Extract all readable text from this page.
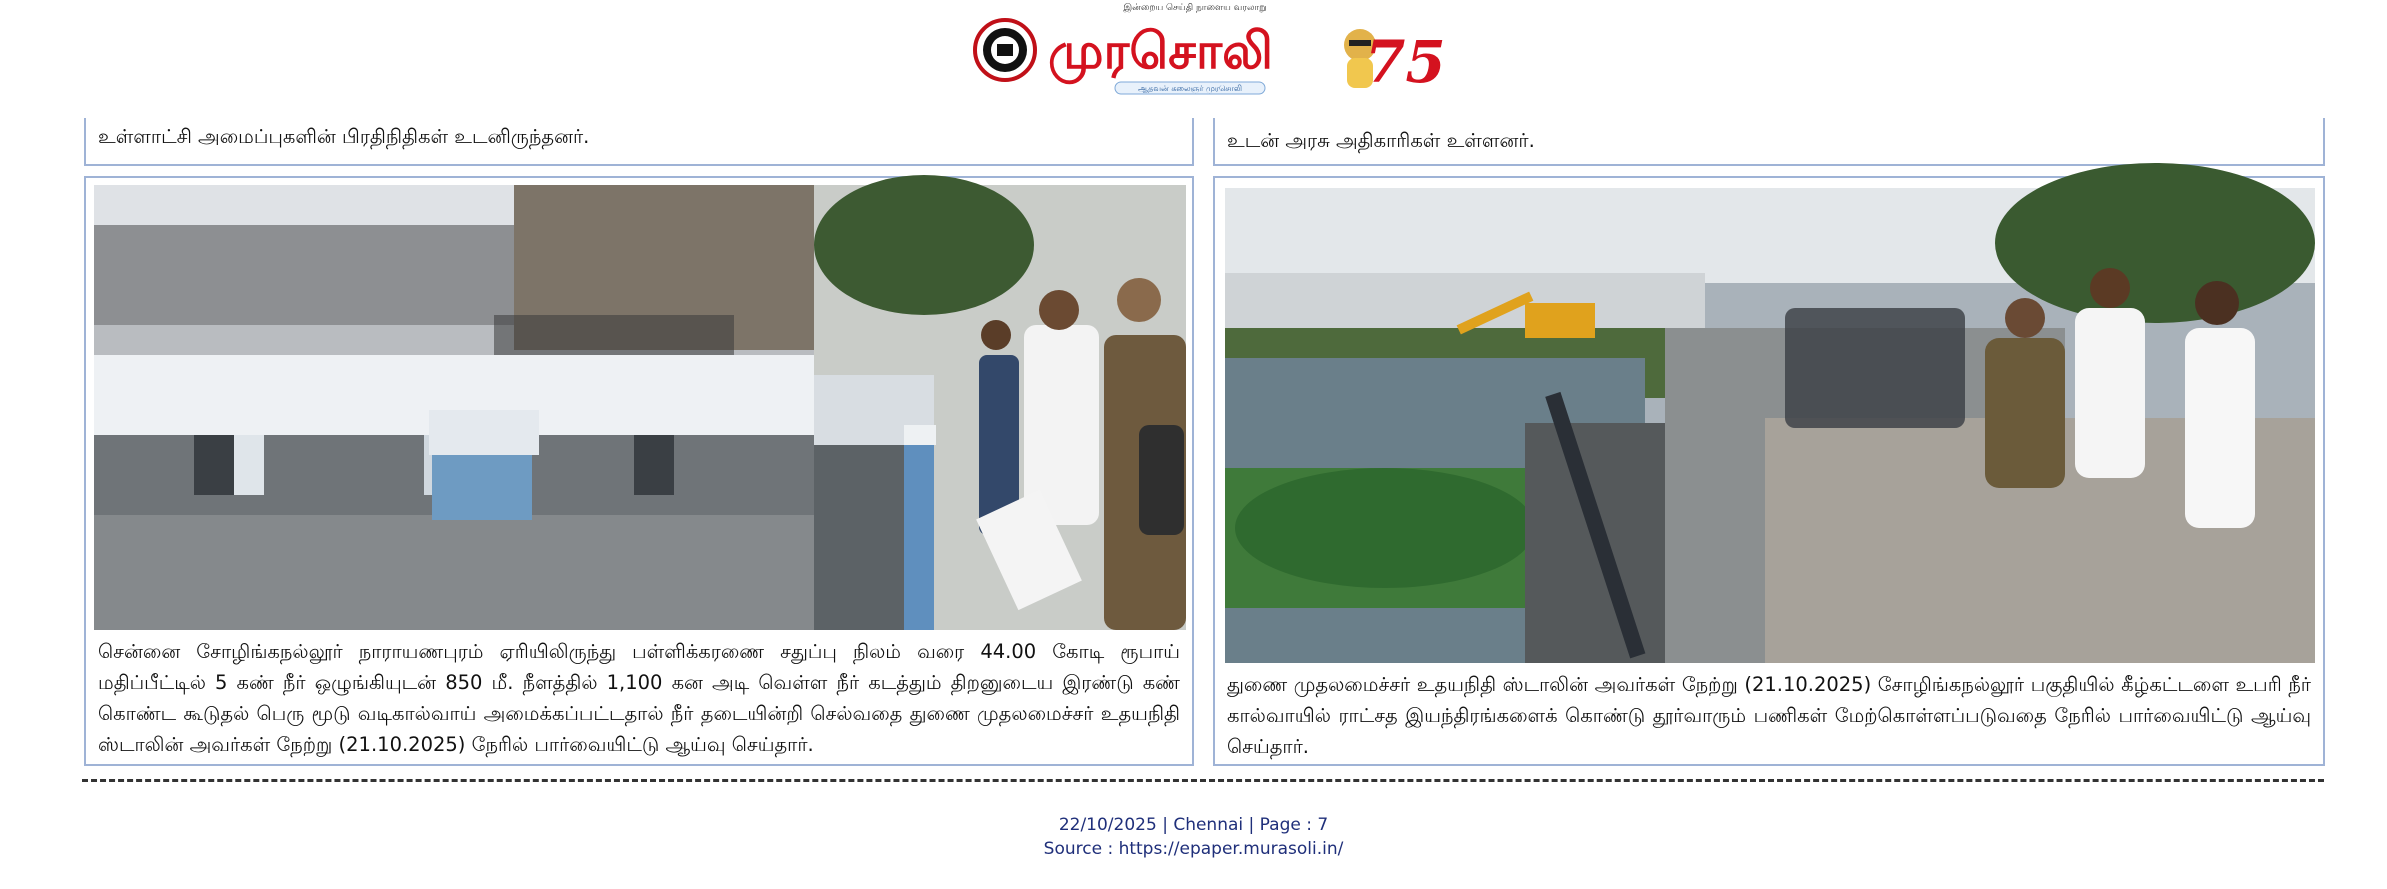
இன்றைய செய்தி நாளைய வரலாறு
முரசொலி 75
ஆதவன் கலைஞர் முரசொலி
உள்ளாட்சி அமைப்புகளின் பிரதிநிதிகள் உடனிருந்தனர்.	உடன் அரசு அதிகாரிகள் உள்ளனர்.
சென்னை சோழிங்கநல்லூர் நாராயணபுரம் ஏரியிலிருந்து பள்ளிக்கரணை சதுப்பு நிலம் வரை 44.00 கோடி ரூபாய் மதிப்பீட்டில் 5 கண் நீர் ஒழுங்கியுடன் 850 மீ. நீளத்தில் 1,100 கன அடி வெள்ள நீர் கடத்தும் திறனுடைய இரண்டு கண் கொண்ட கூடுதல் பெரு மூடு வடிகால்வாய் அமைக்கப்பட்டதால் நீர் தடையின்றி செல்வதை துணை முதலமைச்சர் உதயநிதி ஸ்டாலின் அவர்கள் நேற்று (21.10.2025) நேரில் பார்வையிட்டு ஆய்வு செய்தார்.
துணை முதலமைச்சர் உதயநிதி ஸ்டாலின் அவர்கள் நேற்று (21.10.2025) சோழிங்கநல்லூர் பகுதியில் கீழ்கட்டளை உபரி நீர் கால்வாயில் ராட்சத இயந்திரங்களைக் கொண்டு தூர்வாரும் பணிகள் மேற்கொள்ளப்படுவதை நேரில் பார்வையிட்டு ஆய்வு செய்தார்.
22/10/2025 | Chennai | Page : 7
Source : https://epaper.murasoli.in/
